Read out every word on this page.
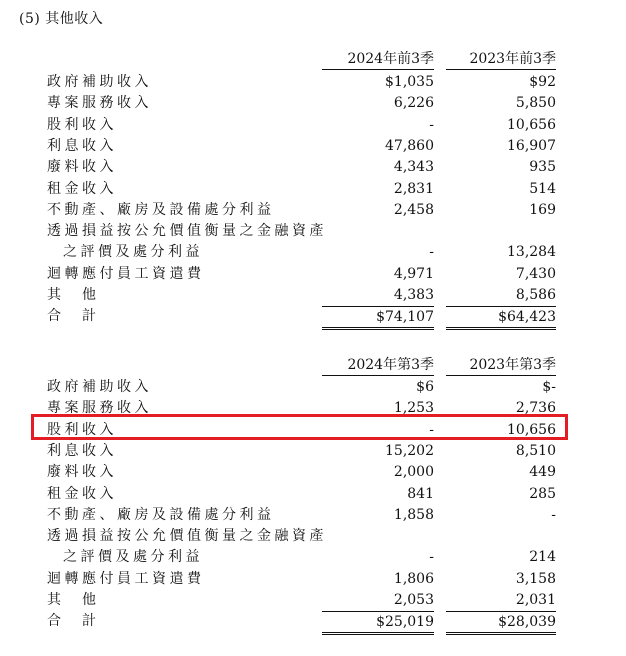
(5) 其他收入
2024年前3季	2023年前3季
政府補助收入	$1,035	$92
專案服務收入	6,226	5,850
股利收入	-	10,656
利息收入	47,860	16,907
廢料收入	4,343	935
租金收入	2,831	514
不動產、廠房及設備處分利益	2,458	169
透過損益按公允價值衡量之金融資產
之評價及處分利益	-	13,284
迴轉應付員工資遣費	4,971	7,430
其　他	4,383	8,586
合　計	$74,107	$64,423
2024年第3季	2023年第3季
政府補助收入	$6	$-
專案服務收入	1,253	2,736
股利收入	-	10,656
利息收入	15,202	8,510
廢料收入	2,000	449
租金收入	841	285
不動產、廠房及設備處分利益	1,858	-
透過損益按公允價值衡量之金融資產
之評價及處分利益	-	214
迴轉應付員工資遣費	1,806	3,158
其　他	2,053	2,031
合　計	$25,019	$28,039
